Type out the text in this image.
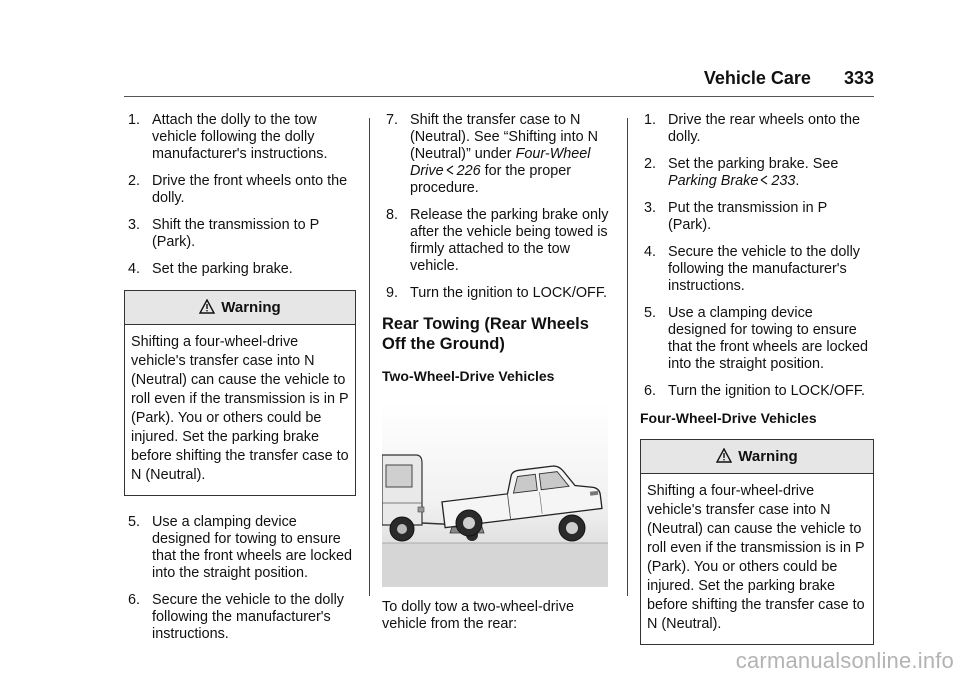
Vehicle Care 333
1. Attach the dolly to the tow vehicle following the dolly manufacturer's instructions.
2. Drive the front wheels onto the dolly.
3. Shift the transmission to P (Park).
4. Set the parking brake.
Warning
Shifting a four-wheel-drive vehicle's transfer case into N (Neutral) can cause the vehicle to roll even if the transmission is in P (Park). You or others could be injured. Set the parking brake before shifting the transfer case to N (Neutral).
5. Use a clamping device designed for towing to ensure that the front wheels are locked into the straight position.
6. Secure the vehicle to the dolly following the manufacturer's instructions.
7. Shift the transfer case to N (Neutral). See “Shifting into N (Neutral)” under Four-Wheel Drive 226 for the proper procedure.
8. Release the parking brake only after the vehicle being towed is firmly attached to the tow vehicle.
9. Turn the ignition to LOCK/OFF.
Rear Towing (Rear Wheels Off the Ground)
Two-Wheel-Drive Vehicles
To dolly tow a two-wheel-drive vehicle from the rear:
1. Drive the rear wheels onto the dolly.
2. Set the parking brake. See Parking Brake 233.
3. Put the transmission in P (Park).
4. Secure the vehicle to the dolly following the manufacturer's instructions.
5. Use a clamping device designed for towing to ensure that the front wheels are locked into the straight position.
6. Turn the ignition to LOCK/OFF.
Four-Wheel-Drive Vehicles
Warning
Shifting a four-wheel-drive vehicle's transfer case into N (Neutral) can cause the vehicle to roll even if the transmission is in P (Park). You or others could be injured. Set the parking brake before shifting the transfer case to N (Neutral).
carmanualsonline.info
